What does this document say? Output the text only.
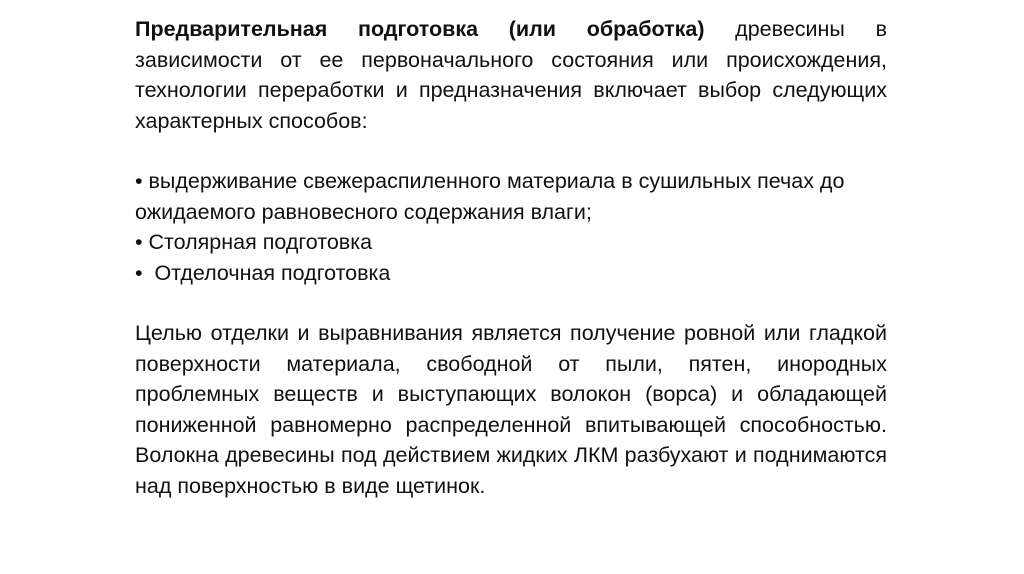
Предварительная подготовка (или обработка) древесины в зависимости от ее первоначального состояния или происхождения, технологии переработки и предназначения включает выбор следующих характерных способов:

• выдерживание свежераспиленного материала в сушильных печах до ожидаемого равновесного содержания влаги;
• Столярная подготовка
•  Отделочная подготовка

Целью отделки и выравнивания является получение ровной или гладкой поверхности материала, свободной от пыли, пятен, инородных проблемных веществ и выступающих волокон (ворса) и обладающей пониженной равномерно распределенной впитывающей способностью. Волокна древесины под действием жидких ЛКМ разбухают и поднимаются над поверхностью в виде щетинок.
